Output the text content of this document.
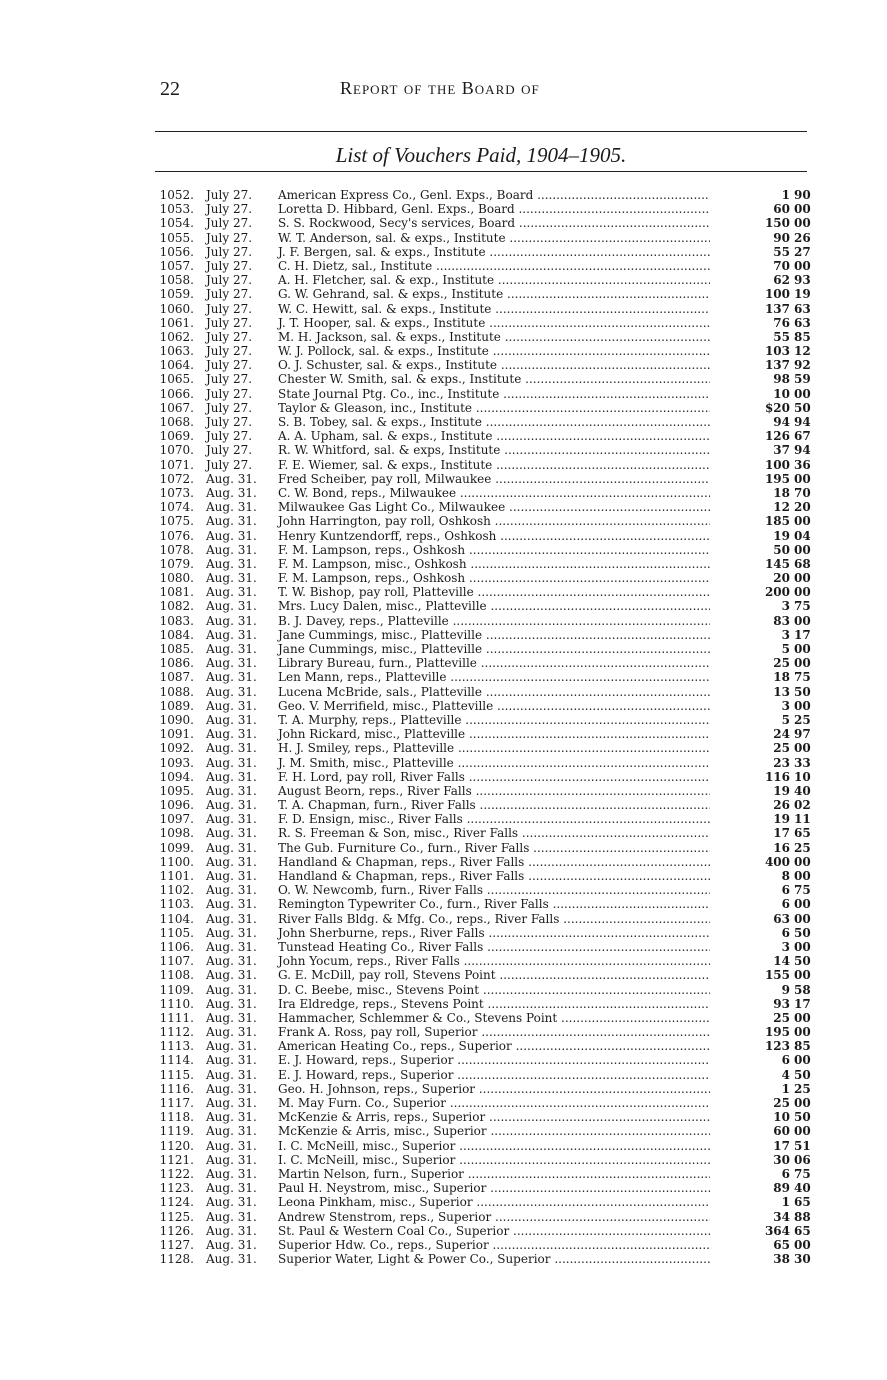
22	Report of the Board of
List of Vouchers Paid, 1904–1905.
1052.	July 27.	American Express Co., Genl. Exps., Board .....	1 90
1053.	July 27.	Loretta D. Hibbard, Genl. Exps., Board .....	60 00
1054.	July 27.	S. S. Rockwood, Secy's services, Board .....	150 00
1055.	July 27.	W. T. Anderson, sal. & exps., Institute .....	90 26
1056.	July 27.	J. F. Bergen, sal. & exps., Institute .....	55 27
1057.	July 27.	C. H. Dietz, sal., Institute .....	70 00
1058.	July 27.	A. H. Fletcher, sal. & exp., Institute .....	62 93
1059.	July 27.	G. W. Gehrand, sal. & exps., Institute .....	100 19
1060.	July 27.	W. C. Hewitt, sal. & exps., Institute .....	137 63
1061.	July 27.	J. T. Hooper, sal. & exps., Institute .....	76 63
1062.	July 27.	M. H. Jackson, sal. & exps., Institute .....	55 85
1063.	July 27.	W. J. Pollock, sal. & exps., Institute .....	103 12
1064.	July 27.	O. J. Schuster, sal. & exps., Institute .....	137 92
1065.	July 27.	Chester W. Smith, sal. & exps., Institute .....	98 59
1066.	July 27.	State Journal Ptg. Co., inc., Institute .....	10 00
1067.	July 27.	Taylor & Gleason, inc., Institute .....	$20 50
1068.	July 27.	S. B. Tobey, sal. & exps., Institute .....	94 94
1069.	July 27.	A. A. Upham, sal. & exps., Institute .....	126 67
1070.	July 27.	R. W. Whitford, sal. & exps, Institute .....	37 94
1071.	July 27.	F. E. Wiemer, sal. & exps., Institute .....	100 36
1072.	Aug. 31.	Fred Scheiber, pay roll, Milwaukee .....	195 00
1073.	Aug. 31.	C. W. Bond, reps., Milwaukee .....	18 70
1074.	Aug. 31.	Milwaukee Gas Light Co., Milwaukee .....	12 20
1075.	Aug. 31.	John Harrington, pay roll, Oshkosh .....	185 00
1076.	Aug. 31.	Henry Kuntzendorff, reps., Oshkosh .....	19 04
1078.	Aug. 31.	F. M. Lampson, reps., Oshkosh .....	50 00
1079.	Aug. 31.	F. M. Lampson, misc., Oshkosh .....	145 68
1080.	Aug. 31.	F. M. Lampson, reps., Oshkosh .....	20 00
1081.	Aug. 31.	T. W. Bishop, pay roll, Platteville .....	200 00
1082.	Aug. 31.	Mrs. Lucy Dalen, misc., Platteville .....	3 75
1083.	Aug. 31.	B. J. Davey, reps., Platteville .....	83 00
1084.	Aug. 31.	Jane Cummings, misc., Platteville .....	3 17
1085.	Aug. 31.	Jane Cummings, misc., Platteville .....	5 00
1086.	Aug. 31.	Library Bureau, furn., Platteville .....	25 00
1087.	Aug. 31.	Len Mann, reps., Platteville .....	18 75
1088.	Aug. 31.	Lucena McBride, sals., Platteville .....	13 50
1089.	Aug. 31.	Geo. V. Merrifield, misc., Platteville .....	3 00
1090.	Aug. 31.	T. A. Murphy, reps., Platteville .....	5 25
1091.	Aug. 31.	John Rickard, misc., Platteville .....	24 97
1092.	Aug. 31.	H. J. Smiley, reps., Platteville .....	25 00
1093.	Aug. 31.	J. M. Smith, misc., Platteville .....	23 33
1094.	Aug. 31.	F. H. Lord, pay roll, River Falls .....	116 10
1095.	Aug. 31.	August Beorn, reps., River Falls .....	19 40
1096.	Aug. 31.	T. A. Chapman, furn., River Falls .....	26 02
1097.	Aug. 31.	F. D. Ensign, misc., River Falls .....	19 11
1098.	Aug. 31.	R. S. Freeman & Son, misc., River Falls .....	17 65
1099.	Aug. 31.	The Gub. Furniture Co., furn., River Falls .....	16 25
1100.	Aug. 31.	Handland & Chapman, reps., River Falls .....	400 00
1101.	Aug. 31.	Handland & Chapman, reps., River Falls .....	8 00
1102.	Aug. 31.	O. W. Newcomb, furn., River Falls .....	6 75
1103.	Aug. 31.	Remington Typewriter Co., furn., River Falls .....	6 00
1104.	Aug. 31.	River Falls Bldg. & Mfg. Co., reps., River Falls .....	63 00
1105.	Aug. 31.	John Sherburne, reps., River Falls .....	6 50
1106.	Aug. 31.	Tunstead Heating Co., River Falls .....	3 00
1107.	Aug. 31.	John Yocum, reps., River Falls .....	14 50
1108.	Aug. 31.	G. E. McDill, pay roll, Stevens Point .....	155 00
1109.	Aug. 31.	D. C. Beebe, misc., Stevens Point .....	9 58
1110.	Aug. 31.	Ira Eldredge, reps., Stevens Point .....	93 17
1111.	Aug. 31.	Hammacher, Schlemmer & Co., Stevens Point .....	25 00
1112.	Aug. 31.	Frank A. Ross, pay roll, Superior .....	195 00
1113.	Aug. 31.	American Heating Co., reps., Superior .....	123 85
1114.	Aug. 31.	E. J. Howard, reps., Superior .....	6 00
1115.	Aug. 31.	E. J. Howard, reps., Superior .....	4 50
1116.	Aug. 31.	Geo. H. Johnson, reps., Superior .....	1 25
1117.	Aug. 31.	M. May Furn. Co., Superior .....	25 00
1118.	Aug. 31.	McKenzie & Arris, reps., Superior .....	10 50
1119.	Aug. 31.	McKenzie & Arris, misc., Superior .....	60 00
1120.	Aug. 31.	I. C. McNeill, misc., Superior .....	17 51
1121.	Aug. 31.	I. C. McNeill, misc., Superior .....	30 06
1122.	Aug. 31.	Martin Nelson, furn., Superior .....	6 75
1123.	Aug. 31.	Paul H. Neystrom, misc., Superior .....	89 40
1124.	Aug. 31.	Leona Pinkham, misc., Superior .....	1 65
1125.	Aug. 31.	Andrew Stenstrom, reps., Superior .....	34 88
1126.	Aug. 31.	St. Paul & Western Coal Co., Superior .....	364 65
1127.	Aug. 31.	Superior Hdw. Co., reps., Superior .....	65 00
1128.	Aug. 31.	Superior Water, Light & Power Co., Superior .....	38 30
